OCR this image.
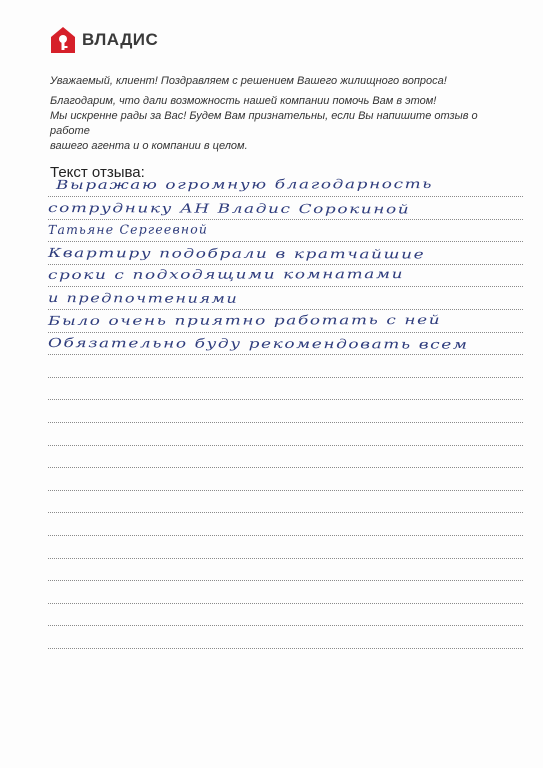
ВЛАДИС

Уважаемый, клиент! Поздравляем с решением Вашего жилищного вопроса!

Благодарим, что дали возможность нашей компании помочь Вам в этом!

Мы искренне рады за Вас! Будем Вам признательны, если Вы напишите отзыв о работе

вашего агента и о компании в целом.

Текст отзыва:
Выражаю огромную благодарность
сотруднику АН Владис Сорокиной
Татьяне Сергеевной
Квартиру подобрали в кратчайшие
сроки с подходящими комнатами
и предпочтениями
Было очень приятно работать с ней
Обязательно буду рекомендовать всем
